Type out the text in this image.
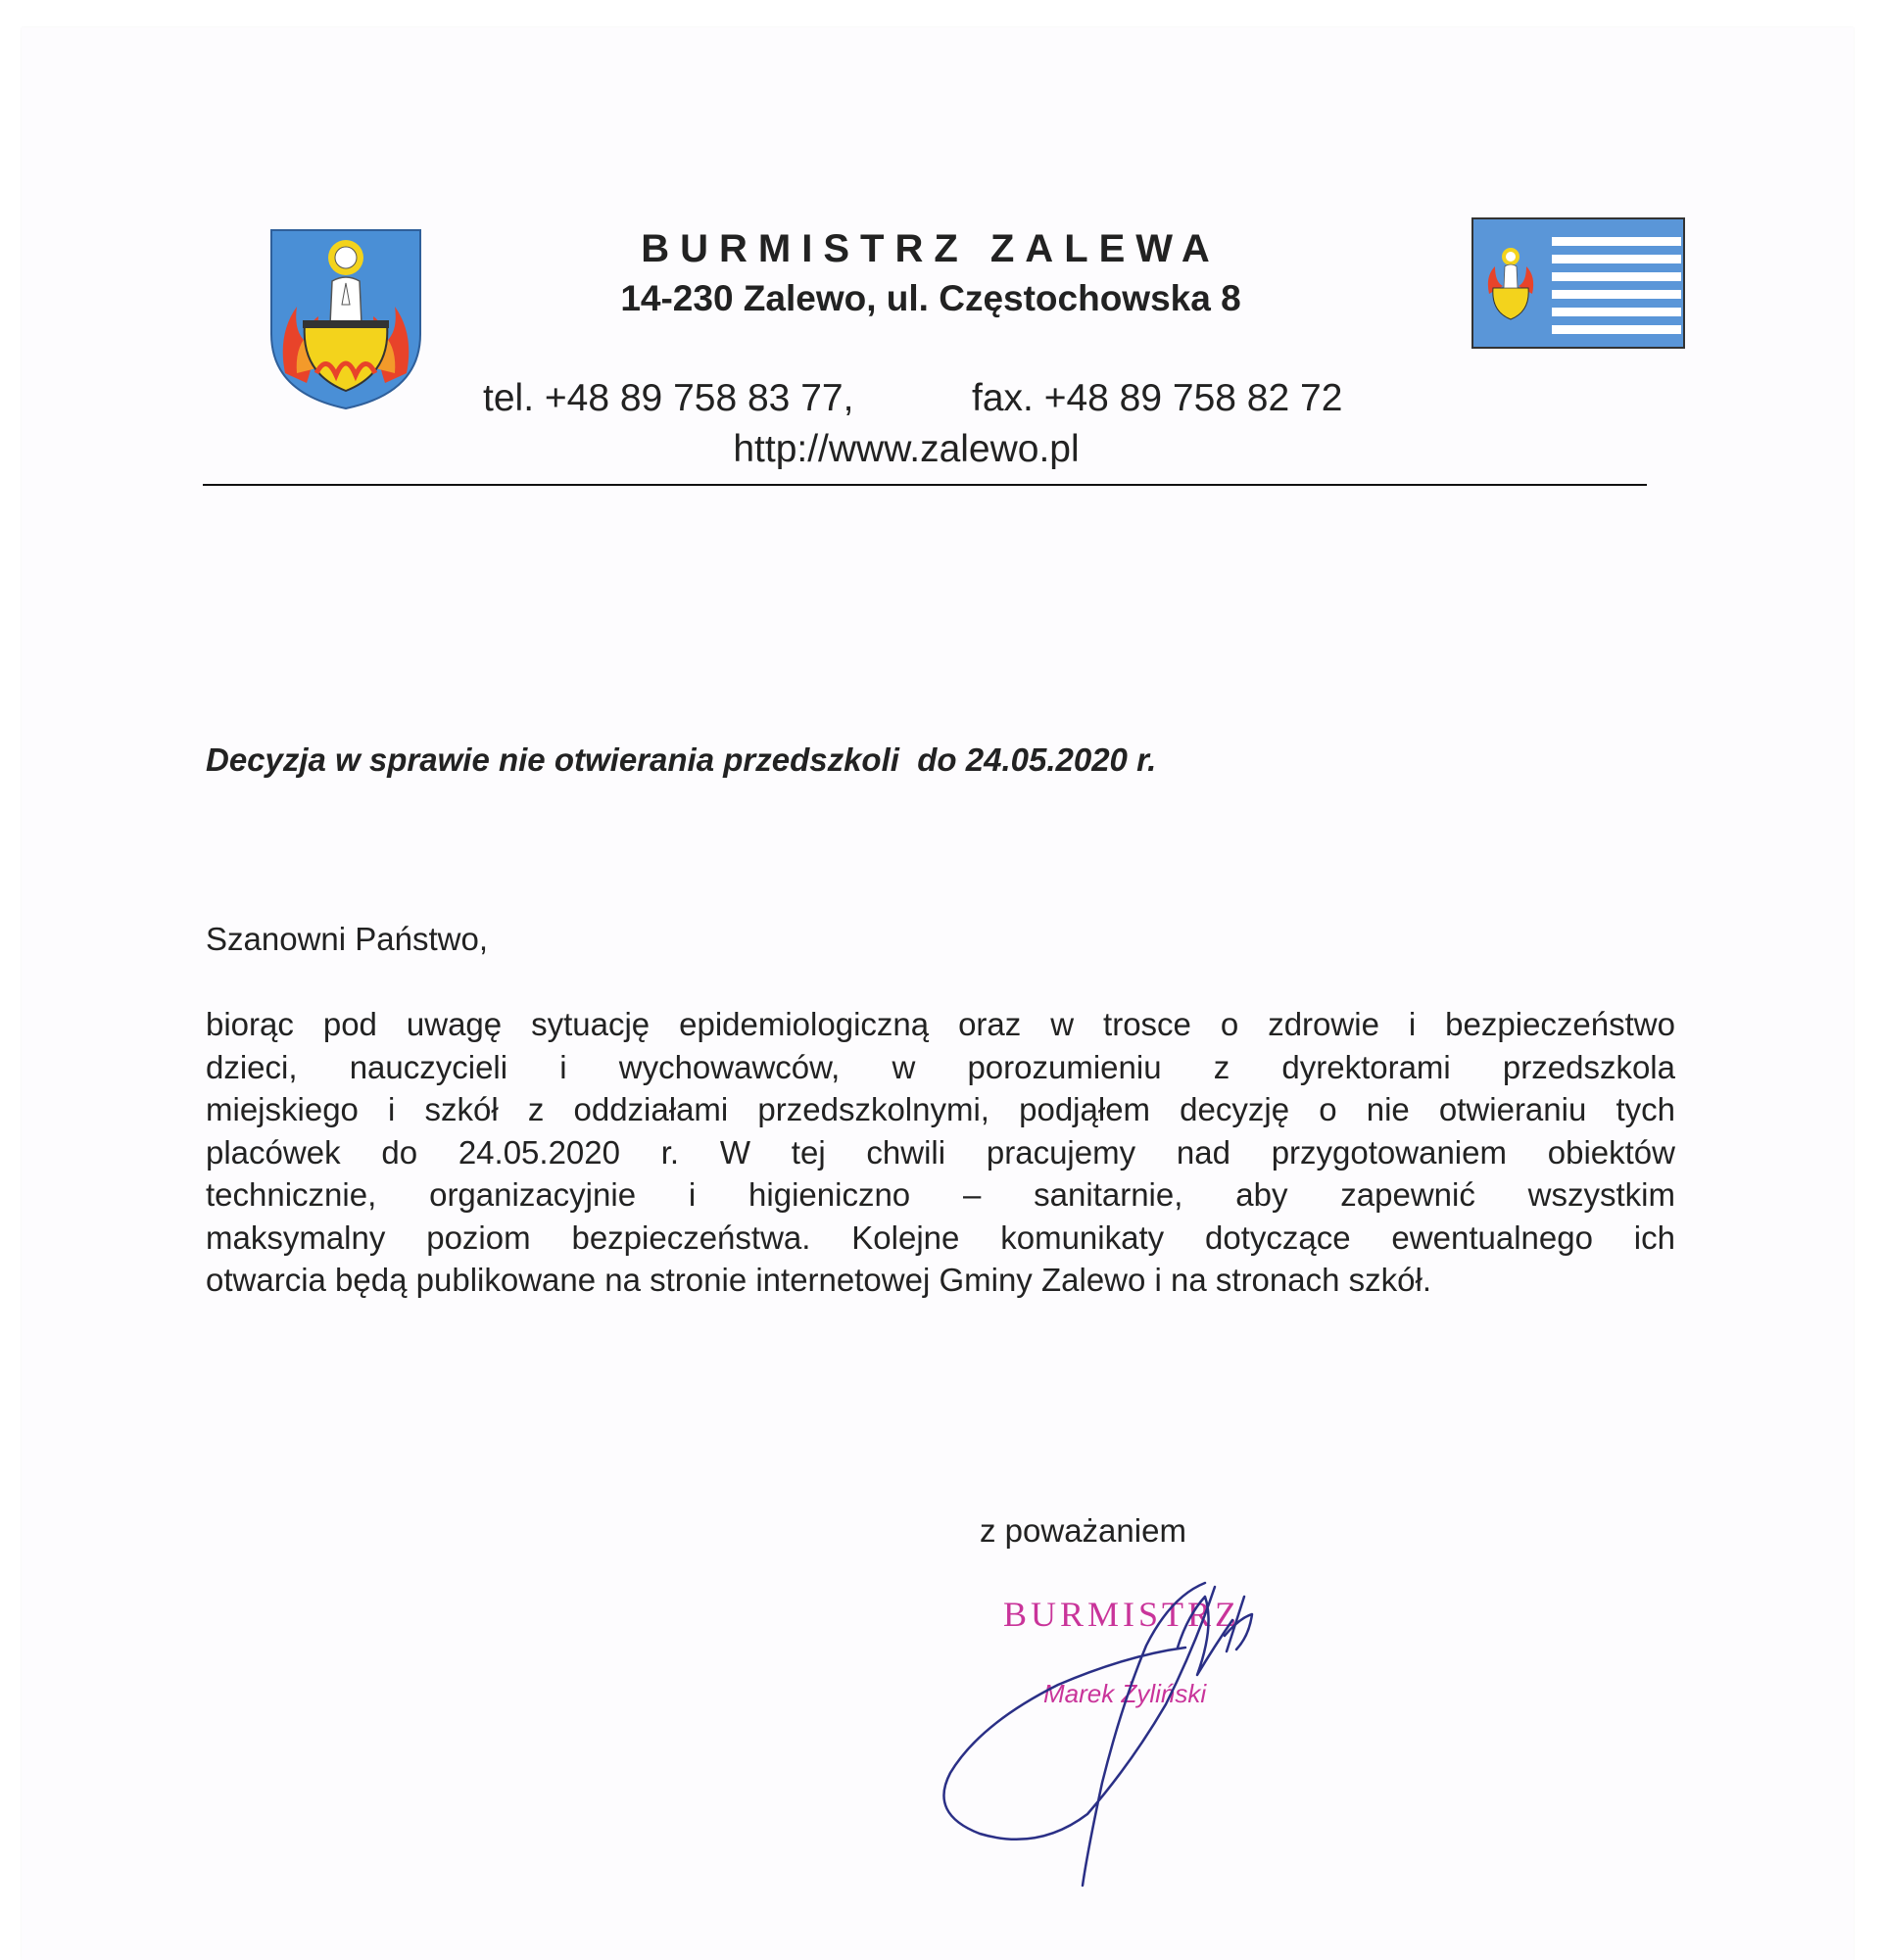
BURMISTRZ ZALEWA
14-230 Zalewo, ul. Częstochowska 8
tel. +48 89 758 83 77,	fax. +48 89 758 82 72
http://www.zalewo.pl
Decyzja w sprawie nie otwierania przedszkoli  do 24.05.2020 r.
Szanowni Państwo,
biorąc pod uwagę sytuację epidemiologiczną oraz w trosce o zdrowie i bezpieczeństwo
dzieci, nauczycieli i wychowawców, w porozumieniu z dyrektorami przedszkola
miejskiego i szkół z oddziałami przedszkolnymi, podjąłem decyzję o nie otwieraniu tych
placówek do 24.05.2020 r. W tej chwili pracujemy nad przygotowaniem obiektów
technicznie, organizacyjnie i higieniczno – sanitarnie, aby zapewnić wszystkim
maksymalny poziom bezpieczeństwa. Kolejne komunikaty dotyczące ewentualnego ich
otwarcia będą publikowane na stronie internetowej Gminy Zalewo i na stronach szkół.
z poważaniem
BURMISTRZ
Marek Żyliński
